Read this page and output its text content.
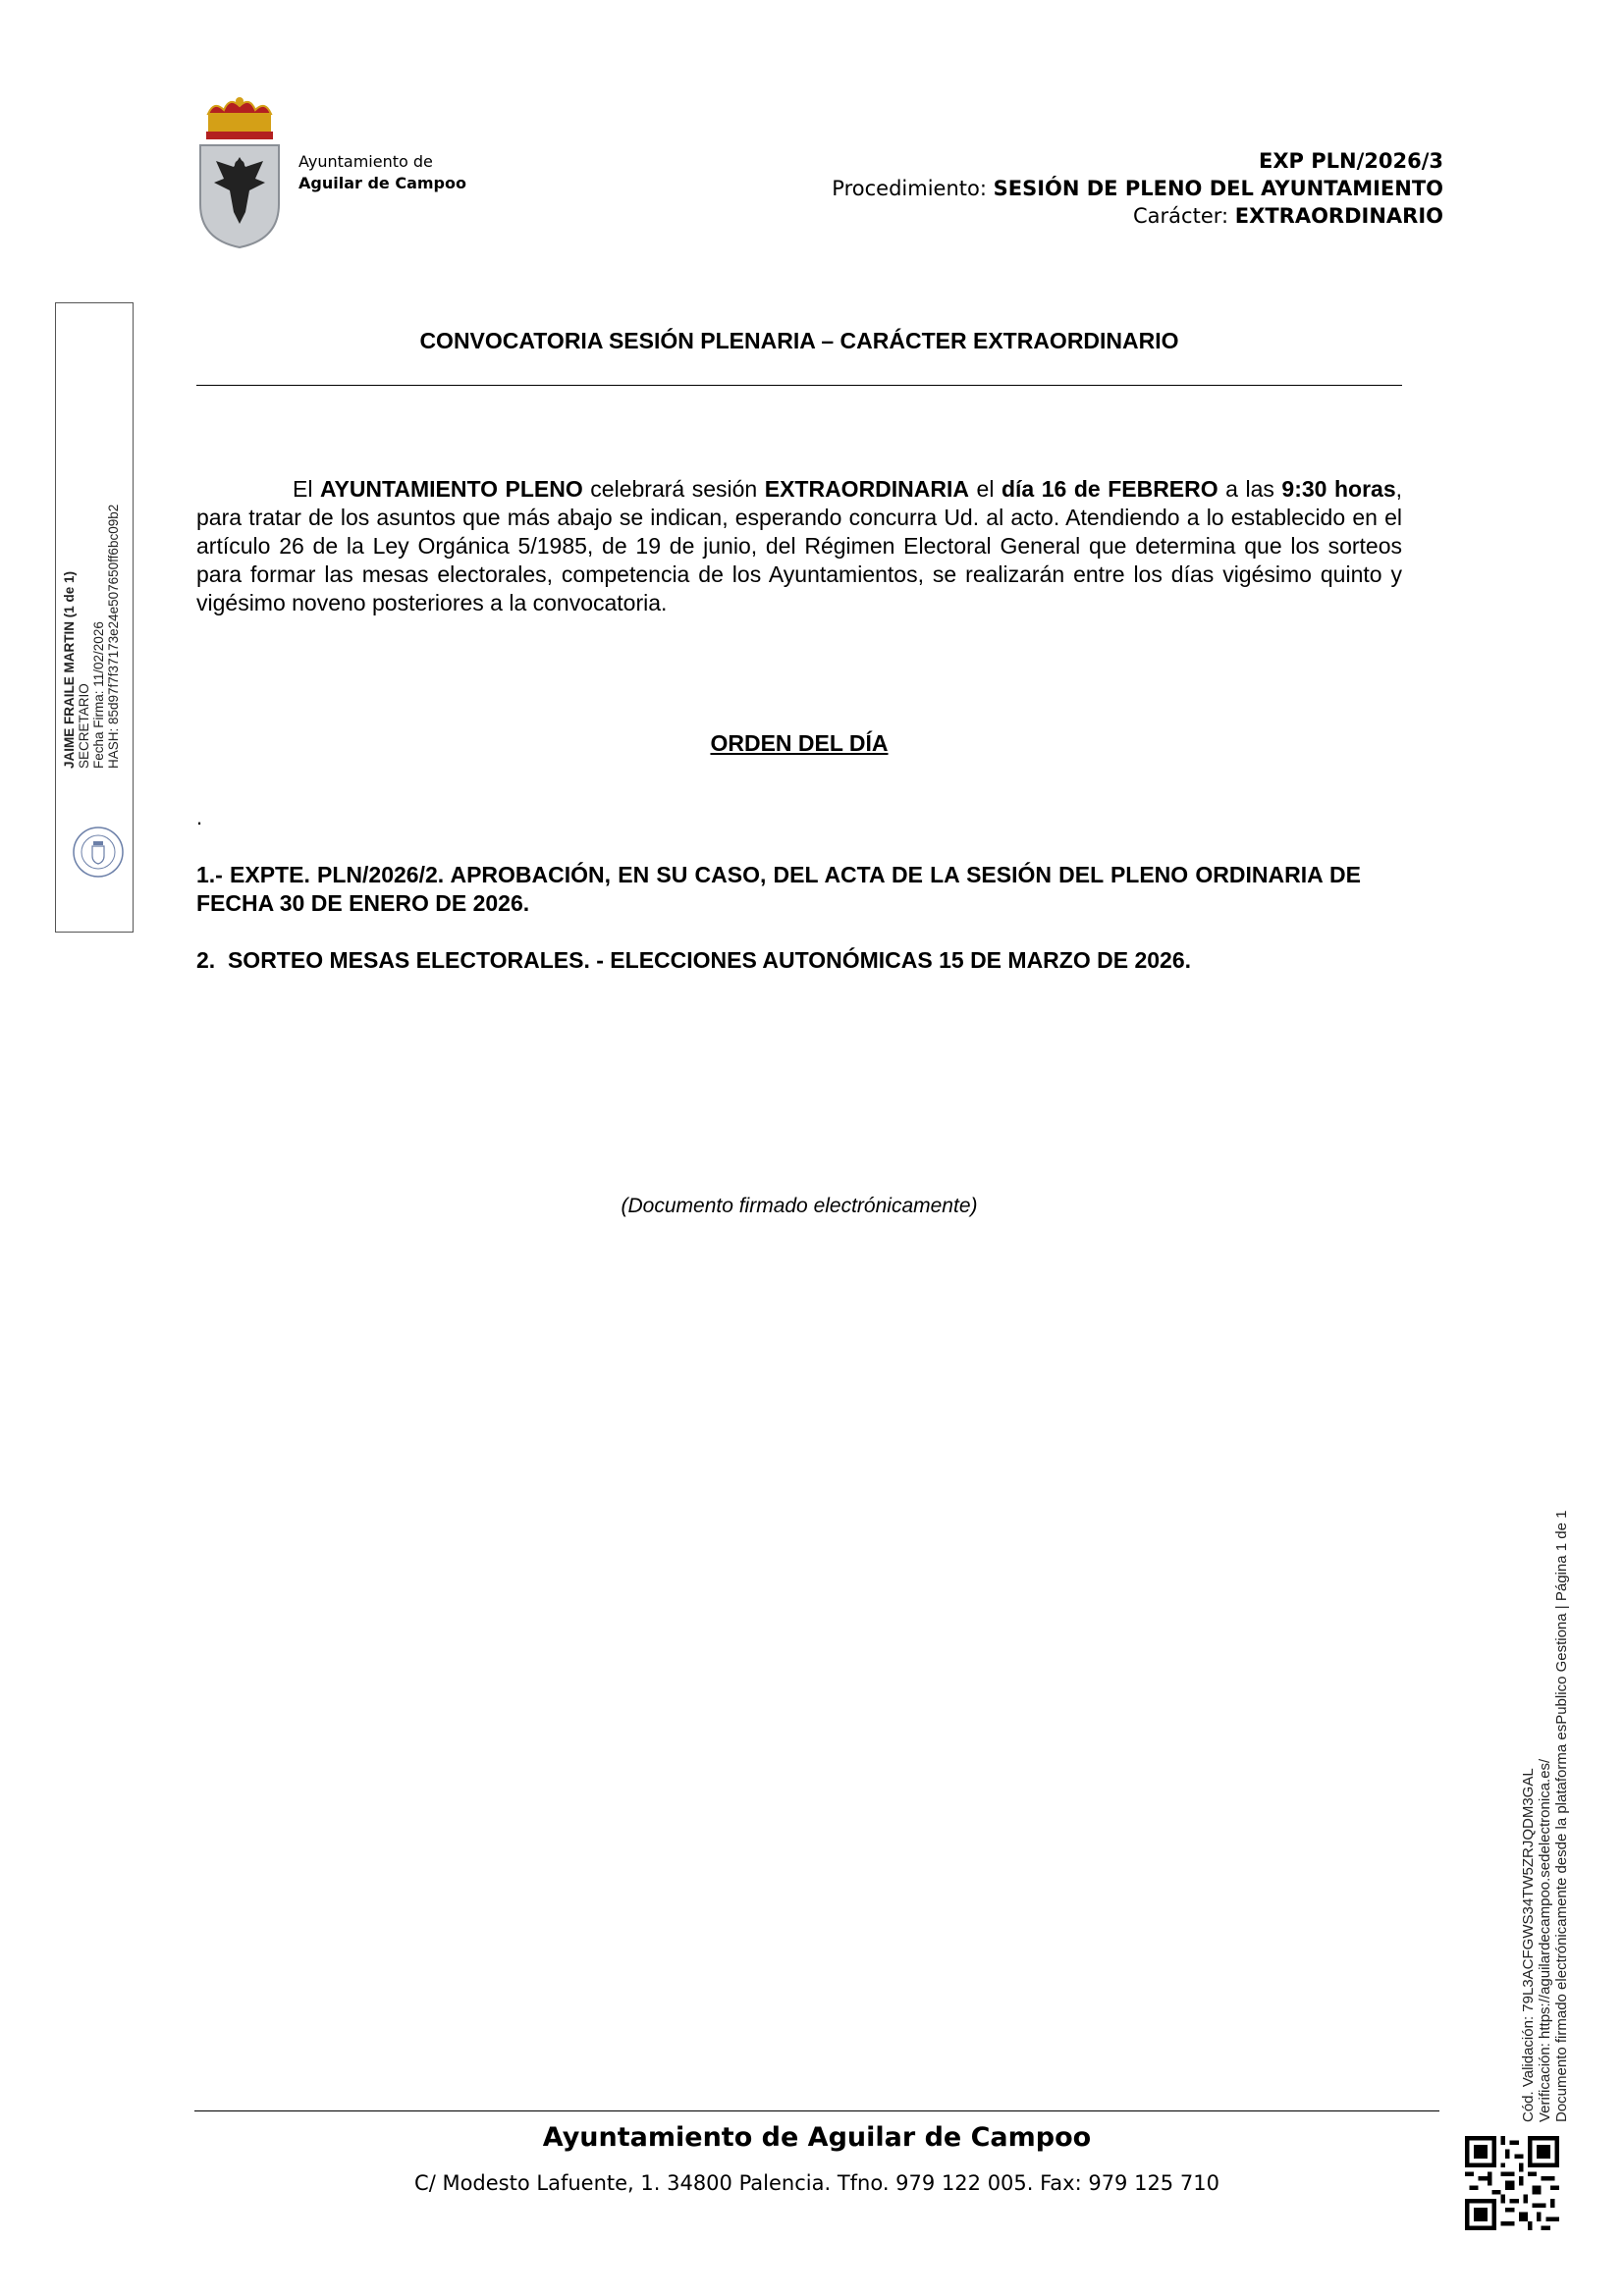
Ayuntamiento de
Aguilar de Campoo
EXP PLN/2026/3
Procedimiento: SESIÓN DE PLENO DEL AYUNTAMIENTO
Carácter: EXTRAORDINARIO
CONVOCATORIA SESIÓN PLENARIA – CARÁCTER EXTRAORDINARIO
El AYUNTAMIENTO PLENO celebrará sesión EXTRAORDINARIA el día 16 de FEBRERO a las 9:30 horas, para tratar de los asuntos que más abajo se indican, esperando concurra Ud. al acto. Atendiendo a lo establecido en el artículo 26 de la Ley Orgánica 5/1985, de 19 de junio, del Régimen Electoral General que determina que los sorteos para formar las mesas electorales, competencia de los Ayuntamientos, se realizarán entre los días vigésimo quinto y vigésimo noveno posteriores a la convocatoria.
ORDEN DEL DÍA
.
1.- EXPTE. PLN/2026/2. APROBACIÓN, EN SU CASO, DEL ACTA DE LA SESIÓN DEL PLENO ORDINARIA DE FECHA 30 DE ENERO DE 2026.
2.  SORTEO MESAS ELECTORALES. - ELECCIONES AUTONÓMICAS 15 DE MARZO DE 2026.
(Documento firmado electrónicamente)
JAIME FRAILE MARTIN (1 de 1) SECRETARIO Fecha Firma: 11/02/2026 HASH: 85d97f7f37173e24e507650ff6bc09b2
Cód. Validación: 79L3ACFGWS34TW5ZRJQDM3GAL Verificación: https://aguilardecampoo.sedelectronica.es/ Documento firmado electrónicamente desde la plataforma esPublico Gestiona | Página 1 de 1
Ayuntamiento de Aguilar de Campoo
C/ Modesto Lafuente, 1. 34800 Palencia. Tfno. 979 122 005. Fax: 979 125 710
